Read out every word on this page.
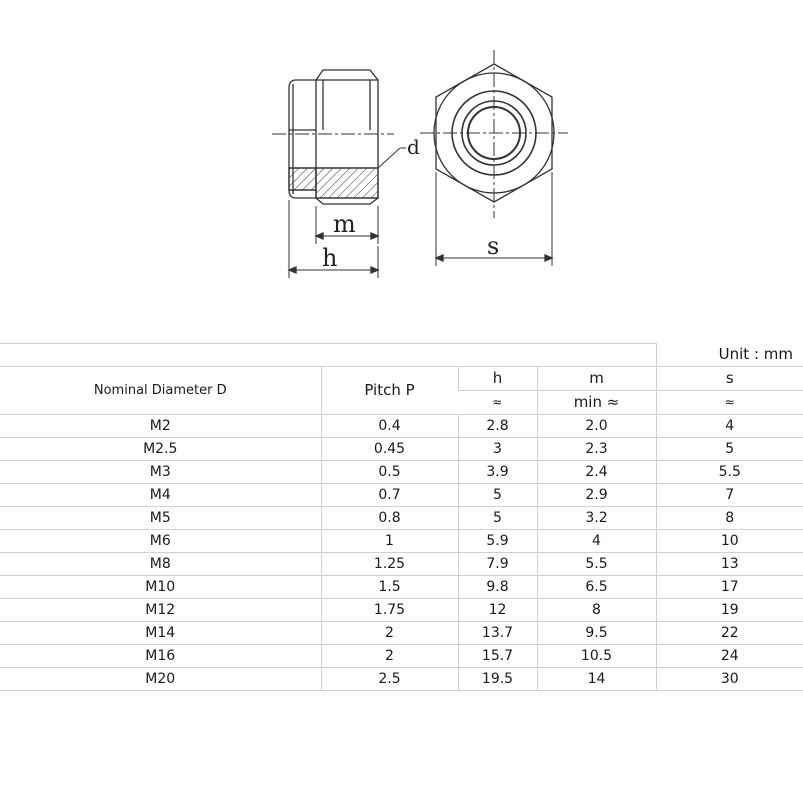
d
m
h	s
Unit : mm
Nominal Diameter D	Pitch P	h	m	s
		≈	min ≈	≈
M2	0.4	2.8	2.0	4
M2.5	0.45	3	2.3	5
M3	0.5	3.9	2.4	5.5
M4	0.7	5	2.9	7
M5	0.8	5	3.2	8
M6	1	5.9	4	10
M8	1.25	7.9	5.5	13
M10	1.5	9.8	6.5	17
M12	1.75	12	8	19
M14	2	13.7	9.5	22
M16	2	15.7	10.5	24
M20	2.5	19.5	14	30
